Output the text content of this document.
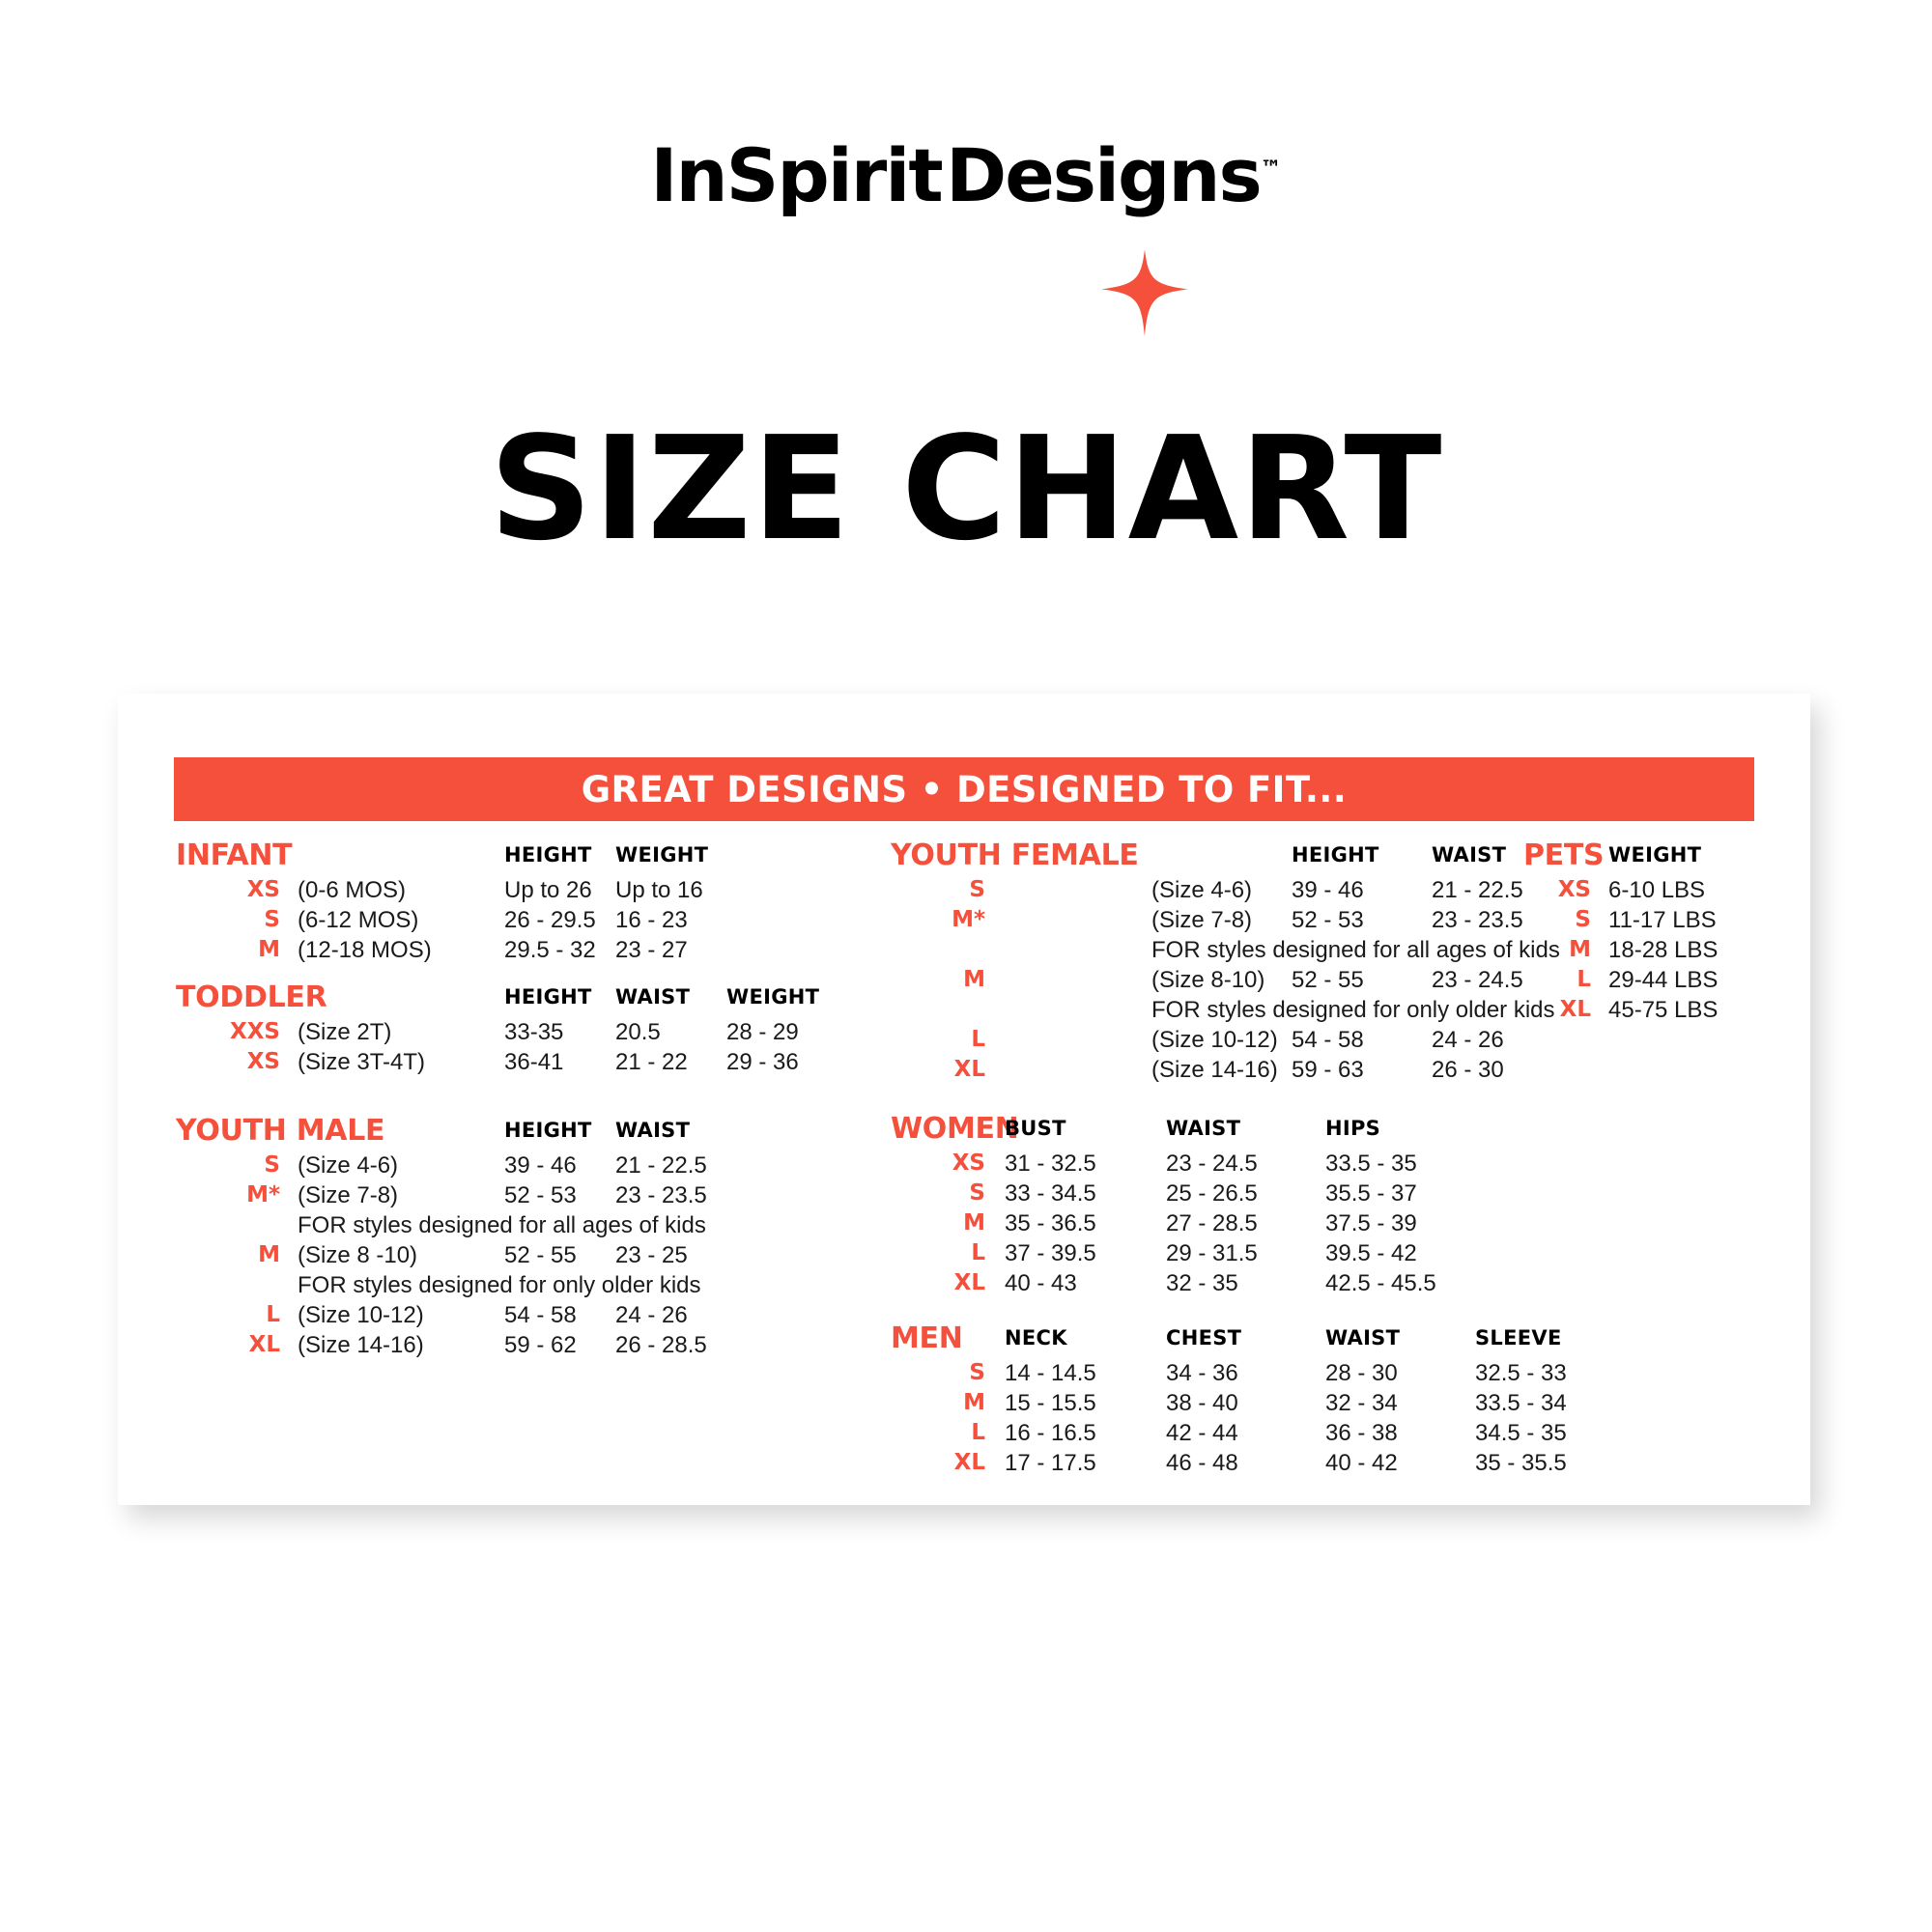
InSpirit Designs™
SIZE CHART
GREAT DESIGNS • DESIGNED TO FIT...
INFANT	HEIGHT WEIGHT
XS (0-6 MOS)	Up to 26 Up to 16
S (6-12 MOS)	26 - 29.5 16 - 23
M (12-18 MOS)	29.5 - 32 23 - 27
TODDLER	HEIGHT WAIST WEIGHT
XXS (Size 2T)	33-35 20.5	28 - 29
XS (Size 3T-4T)	36-41 21 - 22 29 - 36
YOUTH MALE	HEIGHT WAIST
S (Size 4-6)	39 - 46 21 - 22.5
M* (Size 7-8)	52 - 53 23 - 23.5
FOR styles designed for all ages of kids
M (Size 8 -10)	52 - 55 23 - 25
FOR styles designed for only older kids
L (Size 10-12)	54 - 58 24 - 26
XL (Size 14-16)	59 - 62 26 - 28.5
YOUTH FEMALE	HEIGHT	WAIST
S	(Size 4-6) 39 - 46	21 - 22.5
M*	(Size 7-8) 52 - 53	23 - 23.5
FOR styles designed for all ages of kids
M	(Size 8-10) 52 - 55	23 - 24.5
FOR styles designed for only older kids
L	(Size 10-12) 54 - 58	24 - 26
XL	(Size 14-16) 59 - 63	26 - 30
WOMEN
BUST	WAIST	HIPS
XS 31 - 32.5	23 - 24.5	33.5 - 35
S 33 - 34.5	25 - 26.5	35.5 - 37
M 35 - 36.5	27 - 28.5	37.5 - 39
L 37 - 39.5	29 - 31.5	39.5 - 42
XL 40 - 43	32 - 35	42.5 - 45.5
MEN NECK	CHEST	WAIST	SLEEVE
S 14 - 14.5	34 - 36	28 - 30	32.5 - 33
M 15 - 15.5	38 - 40	32 - 34	33.5 - 34
L 16 - 16.5	42 - 44	36 - 38	34.5 - 35
XL 17 - 17.5	46 - 48	40 - 42	35 - 35.5
PETS WEIGHT
XS 6-10 LBS
S 11-17 LBS
M 18-28 LBS
L 29-44 LBS
XL 45-75 LBS
